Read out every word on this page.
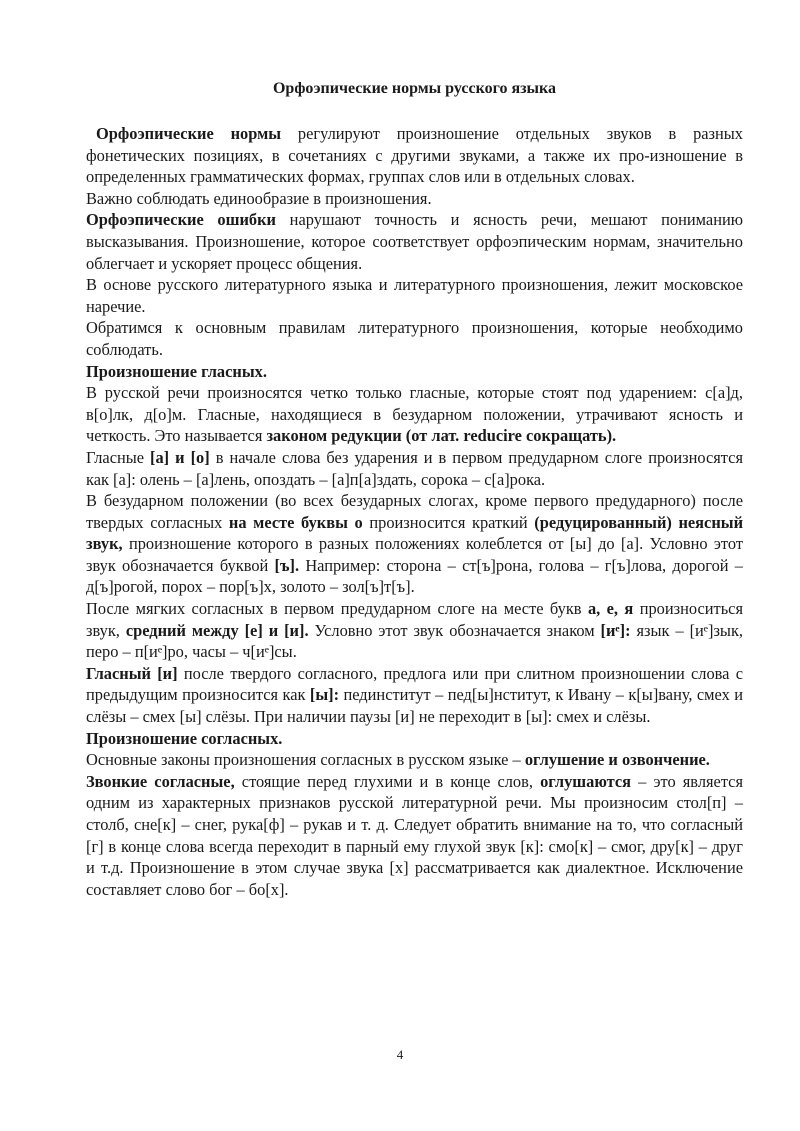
Орфоэпические нормы русского языка

Орфоэпические нормы регулируют произношение отдельных звуков в разных фонетических позициях, в сочетаниях с другими звуками, а также их про-изношение в определенных грамматических формах, группах слов или в отдельных словах.

Важно соблюдать единообразие в произношения.

Орфоэпические ошибки нарушают точность и ясность речи, мешают пониманию высказывания. Произношение, которое соответствует орфоэпическим нормам, значительно облегчает и ускоряет процесс общения.

В основе русского литературного языка и литературного произношения, лежит московское наречие.

Обратимся к основным правилам литературного произношения, которые необходимо соблюдать.

Произношение гласных.

В русской речи произносятся четко только гласные, которые стоят под ударением: с[а]д, в[о]лк, д[о]м. Гласные, находящиеся в безударном положении, утрачивают ясность и четкость. Это называется законом редукции (от лат. reducire сокращать).

Гласные [а] и [о] в начале слова без ударения и в первом предударном слоге произносятся как [а]: олень – [а]лень, опоздать – [а]п[а]здать, сорока – с[а]рока.

В безударном положении (во всех безударных слогах, кроме первого предударного) после твердых согласных на месте буквы о произносится краткий (редуцированный) неясный звук, произношение которого в разных положениях колеблется от [ы] до [а]. Условно этот звук обозначается буквой [ъ]. Например: сторона – ст[ъ]рона, голова – г[ъ]лова, дорогой – д[ъ]рогой, порох – пор[ъ]х, золото – зол[ъ]т[ъ].

После мягких согласных в первом предударном слоге на месте букв а, е, я произноситься звук, средний между [е] и [и]. Условно этот звук обозначается знаком [иᵉ]: язык – [иᵉ]зык, перо – п[иᵉ]ро, часы – ч[иᵉ]сы.

Гласный [и] после твердого согласного, предлога или при слитном произношении слова с предыдущим произносится как [ы]: пединститут – пед[ы]нститут, к Ивану – к[ы]вану, смех и слёзы – смех [ы] слёзы. При наличии паузы [и] не переходит в [ы]: смех и слёзы.

Произношение согласных.

Основные законы произношения согласных в русском языке – оглушение и озвончение.

Звонкие согласные, стоящие перед глухими и в конце слов, оглушаются – это является одним из характерных признаков русской литературной речи. Мы произносим стол[п] – столб, сне[к] – снег, рука[ф] – рукав и т. д. Следует обратить внимание на то, что согласный [г] в конце слова всегда переходит в парный ему глухой звук [к]: смо[к] – смог, дру[к] – друг и т.д. Произношение в этом случае звука [х] рассматривается как диалектное. Исключение составляет слово бог – бо[х].

4
